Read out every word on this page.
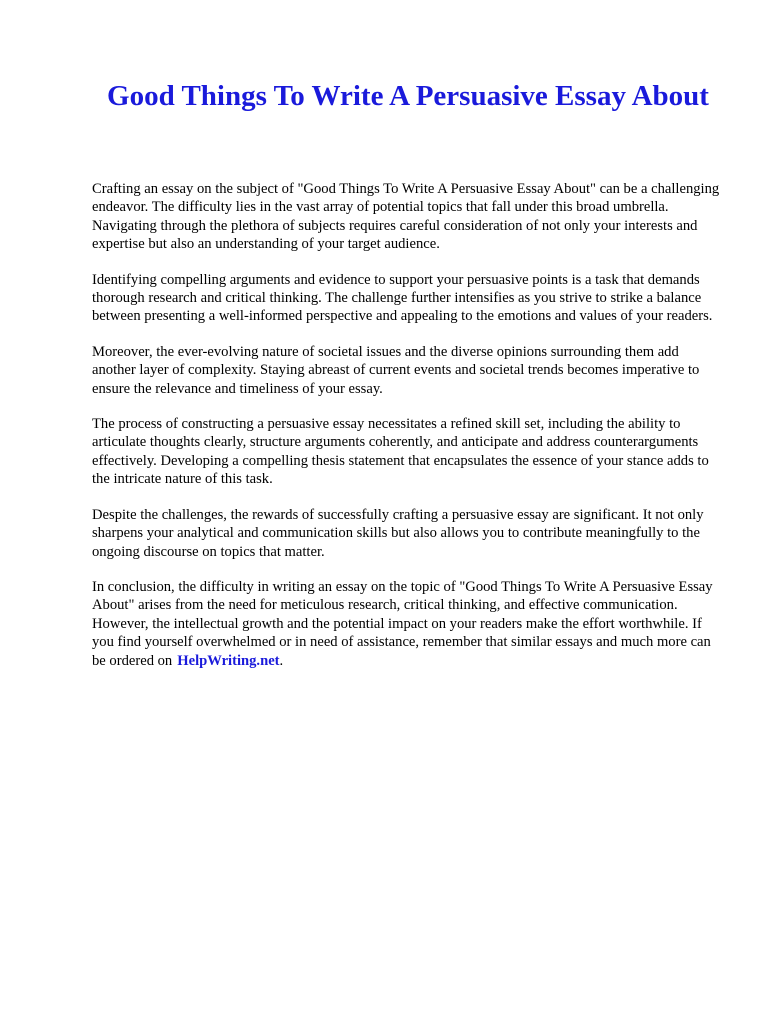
Good Things To Write A Persuasive Essay About

Crafting an essay on the subject of "Good Things To Write A Persuasive Essay About" can be a challenging endeavor. The difficulty lies in the vast array of potential topics that fall under this broad umbrella. Navigating through the plethora of subjects requires careful consideration of not only your interests and expertise but also an understanding of your target audience.

Identifying compelling arguments and evidence to support your persuasive points is a task that demands thorough research and critical thinking. The challenge further intensifies as you strive to strike a balance between presenting a well-informed perspective and appealing to the emotions and values of your readers.

Moreover, the ever-evolving nature of societal issues and the diverse opinions surrounding them add another layer of complexity. Staying abreast of current events and societal trends becomes imperative to ensure the relevance and timeliness of your essay.

The process of constructing a persuasive essay necessitates a refined skill set, including the ability to articulate thoughts clearly, structure arguments coherently, and anticipate and address counterarguments effectively. Developing a compelling thesis statement that encapsulates the essence of your stance adds to the intricate nature of this task.

Despite the challenges, the rewards of successfully crafting a persuasive essay are significant. It not only sharpens your analytical and communication skills but also allows you to contribute meaningfully to the ongoing discourse on topics that matter.

In conclusion, the difficulty in writing an essay on the topic of "Good Things To Write A Persuasive Essay About" arises from the need for meticulous research, critical thinking, and effective communication. However, the intellectual growth and the potential impact on your readers make the effort worthwhile. If you find yourself overwhelmed or in need of assistance, remember that similar essays and much more can be ordered on HelpWriting.net.
